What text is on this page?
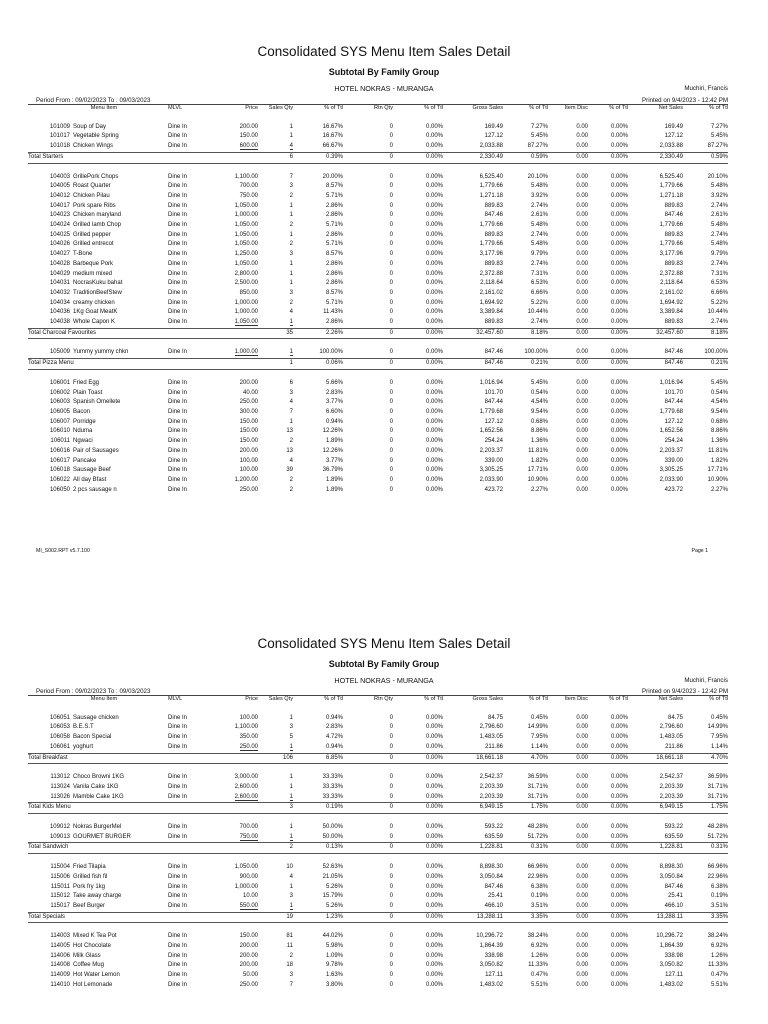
Consolidated SYS Menu Item Sales Detail
Subtotal By Family Group
HOTEL NOKRAS - MURANGA	Muchiri, Francis
Period From : 09/02/2023 To : 09/03/2023	Printed on 9/4/2023 - 12:42 PM
	Menu Item		MLVL	Price	Sales Qty	% of Ttl	Rtn Qty	% of Ttl	Gross Sales	% of Ttl	Item Disc	% of Ttl	Net Sales	% of Ttl

	101009	Soup of Day	Dine In	200.00	1	16.67%	0	0.00%	169.49	7.27%	0.00	0.00%	169.49	7.27%
	101017	Vegetable Spring	Dine In	150.00	1	16.67%	0	0.00%	127.12	5.45%	0.00	0.00%	127.12	5.45%
	101018	Chicken Wings	Dine In	600.00	4	66.67%	0	0.00%	2,033.88	87.27%	0.00	0.00%	2,033.88	87.27%
Total Starters					6	0.39%	0	0.00%	2,330.49	0.59%	0.00	0.00%	2,330.49	0.59%

	104003	GrillePork Chops	Dine In	1,100.00	7	20.00%	0	0.00%	6,525.40	20.10%	0.00	0.00%	6,525.40	20.10%
	104005	Roast Quarter	Dine In	700.00	3	8.57%	0	0.00%	1,779.66	5.48%	0.00	0.00%	1,779.66	5.48%
	104012	Chicken Pilau	Dine In	750.00	2	5.71%	0	0.00%	1,271.18	3.92%	0.00	0.00%	1,271.18	3.92%
	104017	Pork spare Ribs	Dine In	1,050.00	1	2.86%	0	0.00%	889.83	2.74%	0.00	0.00%	889.83	2.74%
	104023	Chicken maryland	Dine In	1,000.00	1	2.86%	0	0.00%	847.46	2.61%	0.00	0.00%	847.46	2.61%
	104024	Grilled lamb Chop	Dine In	1,050.00	2	5.71%	0	0.00%	1,779.66	5.48%	0.00	0.00%	1,779.66	5.48%
	104025	Grilled pepper	Dine In	1,050.00	1	2.86%	0	0.00%	889.83	2.74%	0.00	0.00%	889.83	2.74%
	104026	Grilled entrecot	Dine In	1,050.00	2	5.71%	0	0.00%	1,779.66	5.48%	0.00	0.00%	1,779.66	5.48%
	104027	T-Bone	Dine In	1,250.00	3	8.57%	0	0.00%	3,177.96	9.79%	0.00	0.00%	3,177.96	9.79%
	104028	Barbeque Pork	Dine In	1,050.00	1	2.86%	0	0.00%	889.83	2.74%	0.00	0.00%	889.83	2.74%
	104029	medium mixed	Dine In	2,800.00	1	2.86%	0	0.00%	2,372.88	7.31%	0.00	0.00%	2,372.88	7.31%
	104031	NocrasKuku bahat	Dine In	2,500.00	1	2.86%	0	0.00%	2,118.64	6.53%	0.00	0.00%	2,118.64	6.53%
	104032	TraditionBeefStew	Dine In	850.00	3	8.57%	0	0.00%	2,161.02	6.66%	0.00	0.00%	2,161.02	6.66%
	104034	creamy chicken	Dine In	1,000.00	2	5.71%	0	0.00%	1,694.92	5.22%	0.00	0.00%	1,694.92	5.22%
	104036	1Kg Goat MeatK	Dine In	1,000.00	4	11.43%	0	0.00%	3,389.84	10.44%	0.00	0.00%	3,389.84	10.44%
	104038	Whole Capon K	Dine In	1,050.00	1	2.86%	0	0.00%	889.83	2.74%	0.00	0.00%	889.83	2.74%
Total Charcoal Favourites					35	2.26%	0	0.00%	32,457.60	8.18%	0.00	0.00%	32,457.60	8.18%

	105009	Yummy yummy chkn	Dine In	1,000.00	1	100.00%	0	0.00%	847.46	100.00%	0.00	0.00%	847.46	100.00%
Total Pizza Menu					1	0.06%	0	0.00%	847.46	0.21%	0.00	0.00%	847.46	0.21%

	106001	Fried Egg	Dine In	200.00	6	5.66%	0	0.00%	1,016.94	5.45%	0.00	0.00%	1,016.94	5.45%
	106002	Plain Toast	Dine In	40.00	3	2.83%	0	0.00%	101.70	0.54%	0.00	0.00%	101.70	0.54%
	106003	Spanish Omellete	Dine In	250.00	4	3.77%	0	0.00%	847.44	4.54%	0.00	0.00%	847.44	4.54%
	106005	Bacon	Dine In	300.00	7	6.60%	0	0.00%	1,779.68	9.54%	0.00	0.00%	1,779.68	9.54%
	106007	Porridge	Dine In	150.00	1	0.94%	0	0.00%	127.12	0.68%	0.00	0.00%	127.12	0.68%
	106010	Nduma	Dine In	150.00	13	12.26%	0	0.00%	1,652.56	8.86%	0.00	0.00%	1,652.56	8.86%
	106011	Ngwaci	Dine In	150.00	2	1.89%	0	0.00%	254.24	1.36%	0.00	0.00%	254.24	1.36%
	106016	Pair of Sausages	Dine In	200.00	13	12.26%	0	0.00%	2,203.37	11.81%	0.00	0.00%	2,203.37	11.81%
	106017	Pancake	Dine In	100.00	4	3.77%	0	0.00%	339.00	1.82%	0.00	0.00%	339.00	1.82%
	106018	Sausage Beef	Dine In	100.00	39	36.79%	0	0.00%	3,305.25	17.71%	0.00	0.00%	3,305.25	17.71%
	106022	All day Bfast	Dine In	1,200.00	2	1.89%	0	0.00%	2,033.90	10.90%	0.00	0.00%	2,033.90	10.90%
	106050	2 pcs sausage n	Dine In	250.00	2	1.89%	0	0.00%	423.72	2.27%	0.00	0.00%	423.72	2.27%
MI_S002.RPT v5.7.100	Page 1
Consolidated SYS Menu Item Sales Detail
Subtotal By Family Group
HOTEL NOKRAS - MURANGA	Muchiri, Francis
Period From : 09/02/2023 To : 09/03/2023	Printed on 9/4/2023 - 12:42 PM
	Menu Item		MLVL	Price	Sales Qty	% of Ttl	Rtn Qty	% of Ttl	Gross Sales	% of Ttl	Item Disc	% of Ttl	Net Sales	% of Ttl

	106051	Sausage chicken	Dine In	100.00	1	0.94%	0	0.00%	84.75	0.45%	0.00	0.00%	84.75	0.45%
	106053	B.E.S.T	Dine In	1,100.00	3	2.83%	0	0.00%	2,796.60	14.99%	0.00	0.00%	2,796.60	14.99%
	106058	Bacon Special	Dine In	350.00	5	4.72%	0	0.00%	1,483.05	7.95%	0.00	0.00%	1,483.05	7.95%
	106061	yoghurt	Dine In	250.00	1	0.94%	0	0.00%	211.86	1.14%	0.00	0.00%	211.86	1.14%
Total Breakfast					106	6.85%	0	0.00%	18,661.18	4.70%	0.00	0.00%	18,661.18	4.70%

	113012	Choco Browni 1KG	Dine In	3,000.00	1	33.33%	0	0.00%	2,542.37	36.59%	0.00	0.00%	2,542.37	36.59%
	113024	Vanila Cake 1KG	Dine In	2,600.00	1	33.33%	0	0.00%	2,203.39	31.71%	0.00	0.00%	2,203.39	31.71%
	113026	Mamble Cake 1KG	Dine In	2,600.00	1	33.33%	0	0.00%	2,203.39	31.71%	0.00	0.00%	2,203.39	31.71%
Total Kids Menu					3	0.19%	0	0.00%	6,949.15	1.75%	0.00	0.00%	6,949.15	1.75%

	109012	Nokras BurgerMel	Dine In	700.00	1	50.00%	0	0.00%	593.22	48.28%	0.00	0.00%	593.22	48.28%
	109013	GOURMET BURGER	Dine In	750.00	1	50.00%	0	0.00%	635.59	51.72%	0.00	0.00%	635.59	51.72%
Total Sandwich					2	0.13%	0	0.00%	1,228.81	0.31%	0.00	0.00%	1,228.81	0.31%

	115004	Fried Tilapia	Dine In	1,050.00	10	52.63%	0	0.00%	8,898.30	66.96%	0.00	0.00%	8,898.30	66.96%
	115006	Grilled fish fil	Dine In	900.00	4	21.05%	0	0.00%	3,050.84	22.96%	0.00	0.00%	3,050.84	22.96%
	115011	Pork fry 1kg	Dine In	1,000.00	1	5.26%	0	0.00%	847.46	6.38%	0.00	0.00%	847.46	6.38%
	115012	Take away charge	Dine In	10.00	3	15.79%	0	0.00%	25.41	0.19%	0.00	0.00%	25.41	0.19%
	115017	Beef Burger	Dine In	550.00	1	5.26%	0	0.00%	466.10	3.51%	0.00	0.00%	466.10	3.51%
Total Specials					19	1.23%	0	0.00%	13,288.11	3.35%	0.00	0.00%	13,288.11	3.35%

	114003	Mixed K Tea Pot	Dine In	150.00	81	44.02%	0	0.00%	10,296.72	38.24%	0.00	0.00%	10,296.72	38.24%
	114005	Hot Chocolate	Dine In	200.00	11	5.98%	0	0.00%	1,864.39	6.92%	0.00	0.00%	1,864.39	6.92%
	114006	Milk Glass	Dine In	200.00	2	1.09%	0	0.00%	338.98	1.26%	0.00	0.00%	338.98	1.26%
	114008	Coffee Mug	Dine In	200.00	18	9.78%	0	0.00%	3,050.82	11.33%	0.00	0.00%	3,050.82	11.33%
	114009	Hot Water Lemon	Dine In	50.00	3	1.63%	0	0.00%	127.11	0.47%	0.00	0.00%	127.11	0.47%
	114010	Hot Lemonade	Dine In	250.00	7	3.80%	0	0.00%	1,483.02	5.51%	0.00	0.00%	1,483.02	5.51%
